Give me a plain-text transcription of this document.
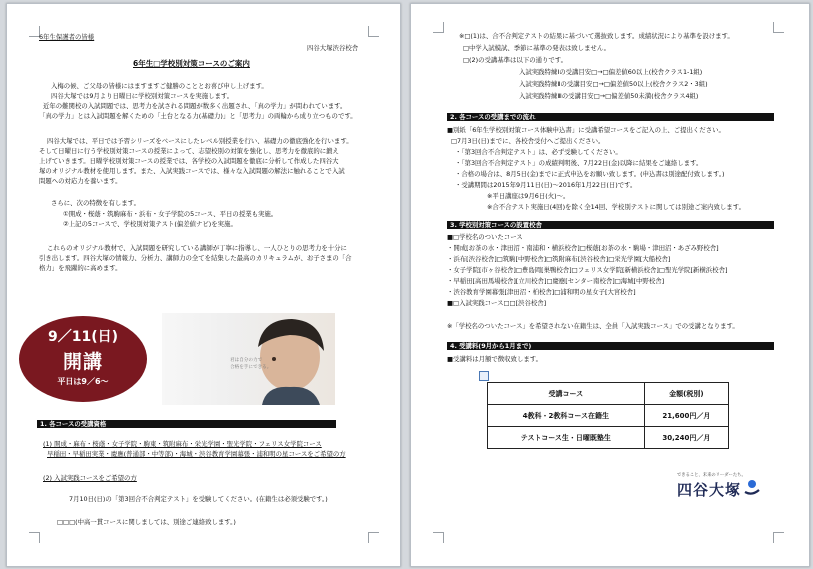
6年生保護者の皆様
四谷大塚渋谷校舎
6年生□学校別対策コースのご案内
入梅の候、ご父母の皆様にはますますご健勝のこととお喜び申し上げます。
四谷大塚では9月より日曜日に学校別対策コースを実施します。
近年の難関校の入試問題では、思考力を試される問題が数多く出題され、「真の学力」が問われています。
「真の学力」とは入試問題を解くための「土台となる力(基礎力)」と「思考力」の両輪から成り立つものです。
四谷大塚では、平日では予習シリーズをベースにしたレベル別授業を行い、基礎力の徹底強化を行います。
そして日曜日に行う学校別対策コースの授業によって、志望校別の対策を強化し、思考力を徹底的に鍛え
上げていきます。日曜学校別対策コースの授業では、各学校の入試問題を徹底に分析して作成した四谷大
塚のオリジナル教材を使用します。また、入試実践コースでは、様々な入試問題の解法に触れることで入試
問題への対応力を養います。
さらに、次の特徴を有します。
①開成・桜蔭・筑駒麻布・浜布・女子学院の5コース、平日の授業も実施。
②上記の5コースで、学校別対策テスト(偏差値ナビ)を実施。
これらのオリジナル教材で、入試問題を研究している講師が丁寧に指導し、一人ひとりの思考力を十分に
引き出します。四谷大塚の情報力、分析力、講師力の全てを結集した最高のカリキュラムが、お子さまの「合
格力」を飛躍的に高めます。
9／11(日)
開講
平日は9／6～
君は自分の力で
合格を手にできる。
1. 各コースの受講資格
(1) 開成・麻布・桜蔭・女子学院・駒東・筑附麻布・栄光学園・聖光学院・フェリス女学院コース
早稲田・早稲田実業・慶應(普通部・中等部)・海城・渋谷教育学園幕張・浦和明の星コースをご希望の方
(2) 入試実践コースをご希望の方
7月10日(日)の「第3回合不合判定テスト」を受験してください。(在籍生は必須受験です。)
□□□(中高一貫コースに関しましては、別途ご連絡致します。)
※□(1)は、合不合判定テストの結果に基づいて選抜致します。成績状況により基準を設けます。
□中学入試模試、季節に基準の発表は致しません。
□(2)の受講基準は以下の通りです。
入試実践特練Ⅰの受講目安□→□偏差値60以上(校舎クラス1-1組)
入試実践特練Ⅱの受講目安□→□偏差値50以上(校舎クラス2・3組)
入試実践特練Ⅲの受講目安□→□偏差値50未満(校舎クラス4組)
2. 各コースの受講までの流れ
■別紙「6年生学校別対策コース体験申込書」に受講希望コースをご記入の上、ご提出ください。
□7月3日(日)までに、各校舎受付へご提出ください。
・「第3回合不合判定テスト」は、必ず受験してください。
・「第3回合不合判定テスト」の成績判明後、7月22日(金)以降に結果をご連絡します。
・合格の場合は、8月5日(金)までに正式申込をお願い致します。(申込書は別途配付致します。)
・受講期間は2015年9月11日(日)～2016年1月22日(日)です。
※平日講座は9月6日(火)～。
※合不合テスト実施日(4回)を除く全14回、学校別テストに関しては別途ご案内致します。
3. 学校別対策コースの設置校舎
■□学校名のついたコース
・開成[お茶の水・津田沼・南浦和・横浜校舎]□桜蔭[お茶の水・駒場・津田沼・あざみ野校舎]
・浜布[渋谷校舎]□筑駒[中野校舎]□筑附麻布[渋谷校舎]□栄光学園[大船校舎]
・女子学院[市ヶ谷校舎]□豊島岡[巣鴨校舎]□フェリス女学院[新横浜校舎]□聖光学院[新横浜校舎]
・早稲田[高田馬場校舎][立川校舎]□慶應[センター南校舎]□海城[中野校舎]
・渋谷教育学園幕張[津田沼・柏校舎]□浦和明の星女子[大宮校舎]
■□入試実践コース□□[渋谷校舎]
※「学校名のついたコース」を希望されない在籍生は、全員「入試実践コース」での受講となります。
4. 受講料(9月から1月まで)
■受講料は月額で徴収致します。
受講コース	金額(税別)
4教科・2教科コース在籍生	21,600円／月
テストコース生・日曜既塾生	30,240円／月
できること、未来のリーダーたち。
四谷大塚
